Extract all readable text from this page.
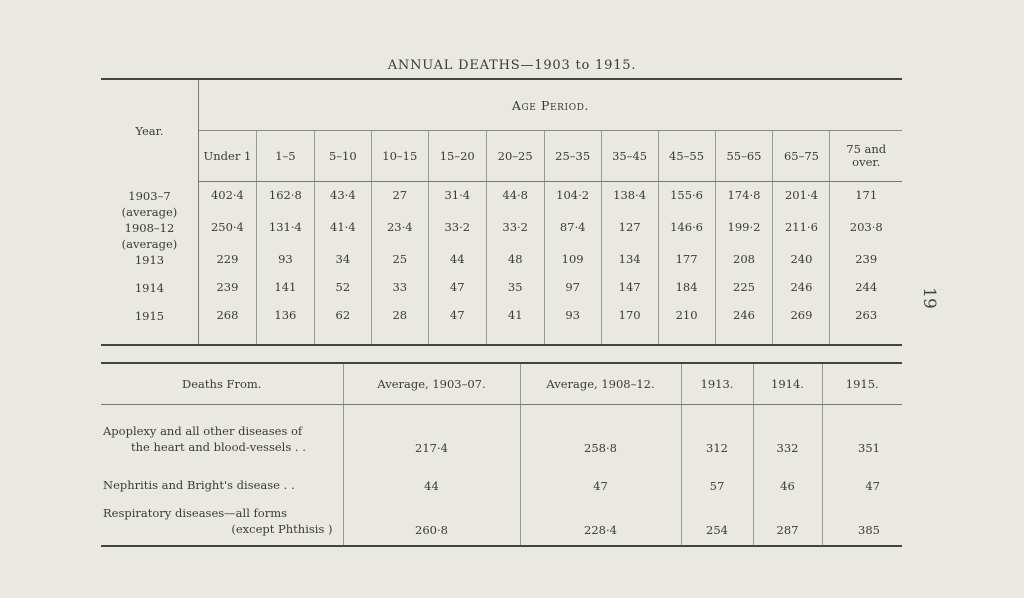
ANNUAL DEATHS—1903 to 1915.
19
Year.	Age Period.											
	Under 1	1–5	5–10	10–15	15–20	20–25	25–35	35–45	45–55	55–65	65–75	75 and over.
1903–7 (average)	402·4	162·8	43·4	27	31·4	44·8	104·2	138·4	155·6	174·8	201·4	171
1908–12 (average)	250·4	131·4	41·4	23·4	33·2	33·2	87·4	127	146·6	199·2	211·6	203·8
1913	229	93	34	25	44	48	109	134	177	208	240	239
1914	239	141	52	33	47	35	97	147	184	225	246	244
1915	268	136	62	28	47	41	93	170	210	246	269	263
Deaths From.	Average, 1903–07.	Average, 1908–12.	1913.	1914.	1915.

Apoplexy and all other diseases of
the heart and blood-vessels . .	217·4	258·8	312	332	351

Nephritis and Bright's disease . .	44	47	57	46	47

Respiratory diseases—all forms
(except Phthisis )	260·8	228·4	254	287	385
